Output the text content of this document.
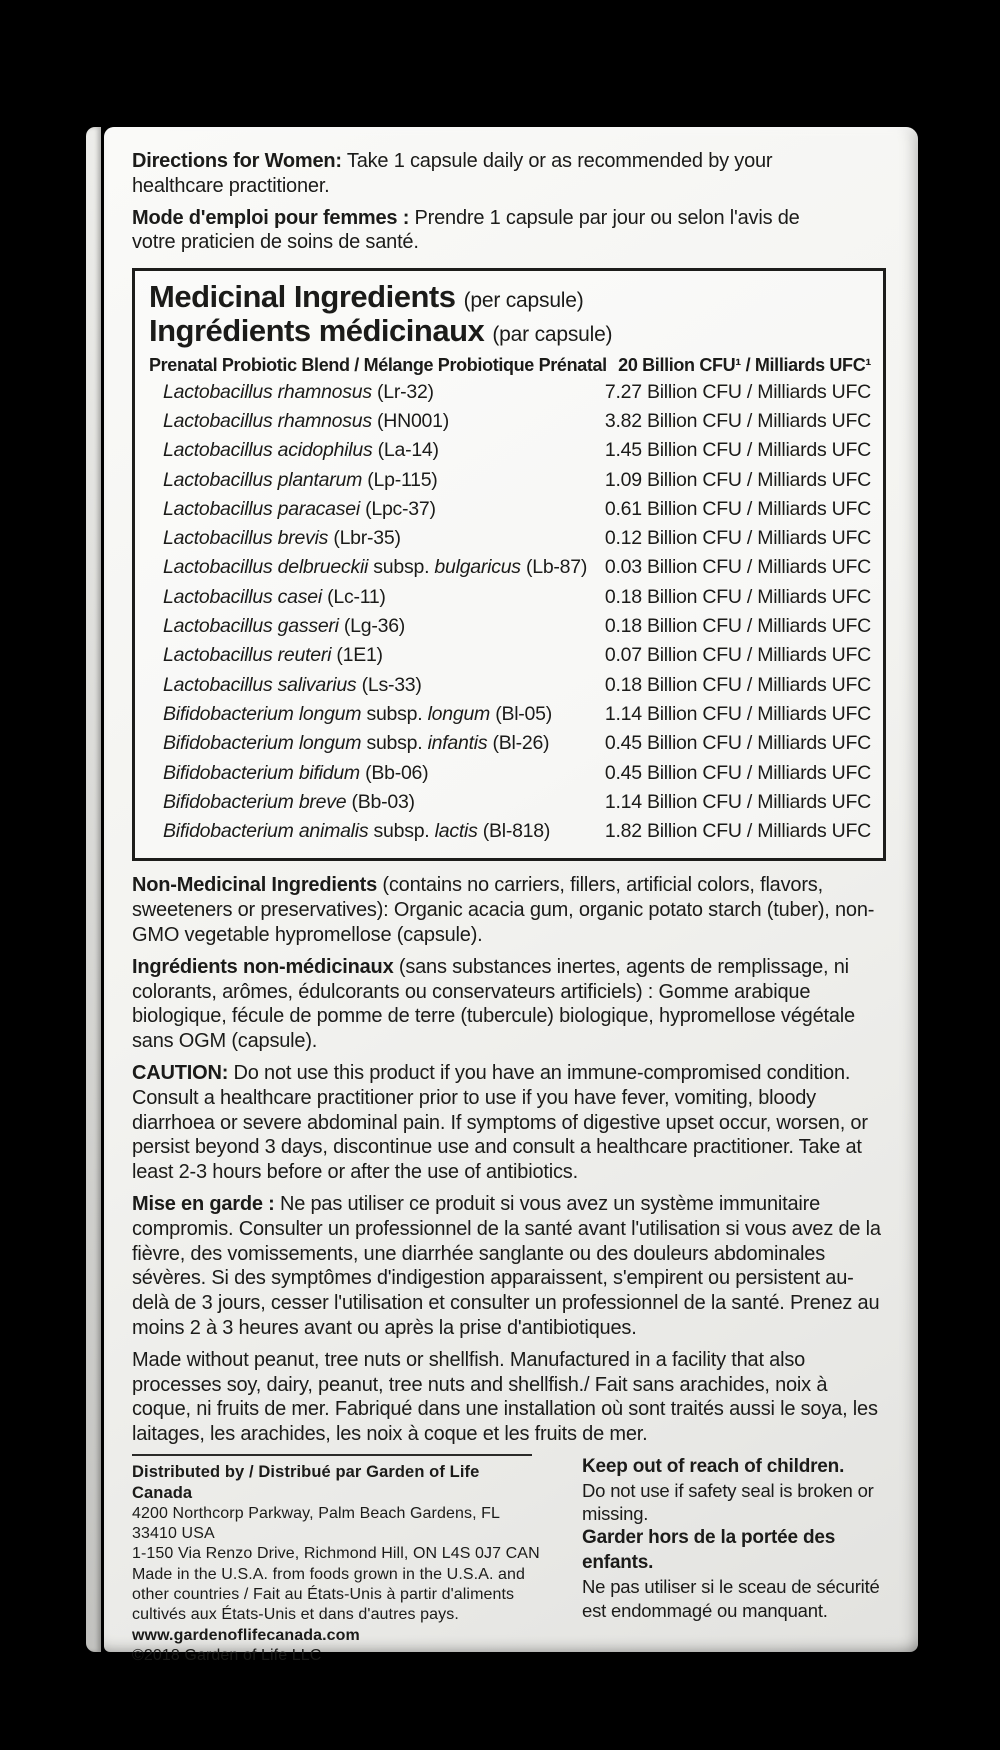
Directions for Women: Take 1 capsule daily or as recommended by your healthcare practitioner.

Mode d'emploi pour femmes : Prendre 1 capsule par jour ou selon l'avis de votre praticien de soins de santé.

Medicinal Ingredients (per capsule)
Ingrédients médicinaux (par capsule)
Prenatal Probiotic Blend / Mélange Probiotique Prénatal 20 Billion CFU¹ / Milliards UFC¹
Lactobacillus rhamnosus (Lr-32)	7.27 Billion CFU / Milliards UFC
Lactobacillus rhamnosus (HN001)	3.82 Billion CFU / Milliards UFC
Lactobacillus acidophilus (La-14)	1.45 Billion CFU / Milliards UFC
Lactobacillus plantarum (Lp-115)	1.09 Billion CFU / Milliards UFC
Lactobacillus paracasei (Lpc-37)	0.61 Billion CFU / Milliards UFC
Lactobacillus brevis (Lbr-35)	0.12 Billion CFU / Milliards UFC
Lactobacillus delbrueckii subsp. bulgaricus (Lb-87) 0.03 Billion CFU / Milliards UFC
Lactobacillus casei (Lc-11)	0.18 Billion CFU / Milliards UFC
Lactobacillus gasseri (Lg-36)	0.18 Billion CFU / Milliards UFC
Lactobacillus reuteri (1E1)	0.07 Billion CFU / Milliards UFC
Lactobacillus salivarius (Ls-33)	0.18 Billion CFU / Milliards UFC
Bifidobacterium longum subsp. longum (Bl-05)	1.14 Billion CFU / Milliards UFC
Bifidobacterium longum subsp. infantis (Bl-26)	0.45 Billion CFU / Milliards UFC
Bifidobacterium bifidum (Bb-06)	0.45 Billion CFU / Milliards UFC
Bifidobacterium breve (Bb-03)	1.14 Billion CFU / Milliards UFC
Bifidobacterium animalis subsp. lactis (Bl-818)	1.82 Billion CFU / Milliards UFC

Non-Medicinal Ingredients (contains no carriers, fillers, artificial colors, flavors, sweeteners or preservatives): Organic acacia gum, organic potato starch (tuber), non-GMO vegetable hypromellose (capsule).

Ingrédients non-médicinaux (sans substances inertes, agents de remplissage, ni colorants, arômes, édulcorants ou conservateurs artificiels) : Gomme arabique biologique, fécule de pomme de terre (tubercule) biologique, hypromellose végétale sans OGM (capsule).

CAUTION: Do not use this product if you have an immune-compromised condition. Consult a healthcare practitioner prior to use if you have fever, vomiting, bloody diarrhoea or severe abdominal pain. If symptoms of digestive upset occur, worsen, or persist beyond 3 days, discontinue use and consult a healthcare practitioner. Take at least 2-3 hours before or after the use of antibiotics.

Mise en garde : Ne pas utiliser ce produit si vous avez un système immunitaire compromis. Consulter un professionnel de la santé avant l'utilisation si vous avez de la fièvre, des vomissements, une diarrhée sanglante ou des douleurs abdominales sévères. Si des symptômes d'indigestion apparaissent, s'empirent ou persistent au-delà de 3 jours, cesser l'utilisation et consulter un professionnel de la santé. Prenez au moins 2 à 3 heures avant ou après la prise d'antibiotiques.

Made without peanut, tree nuts or shellfish. Manufactured in a facility that also processes soy, dairy, peanut, tree nuts and shellfish./ Fait sans arachides, noix à coque, ni fruits de mer. Fabriqué dans une installation où sont traités aussi le soya, les laitages, les arachides, les noix à coque et les fruits de mer.

Distributed by / Distribué par Garden of Life Canada
4200 Northcorp Parkway, Palm Beach Gardens, FL 33410 USA
1-150 Via Renzo Drive, Richmond Hill, ON L4S 0J7 CAN
Made in the U.S.A. from foods grown in the U.S.A. and other countries / Fait au États-Unis à partir d'aliments cultivés aux États-Unis et dans d'autres pays. www.gardenoflifecanada.com
©2018 Garden of Life LLC
Keep out of reach of children.
Do not use if safety seal is broken or missing.
Garder hors de la portée des enfants.
Ne pas utiliser si le sceau de sécurité est endommagé ou manquant.
